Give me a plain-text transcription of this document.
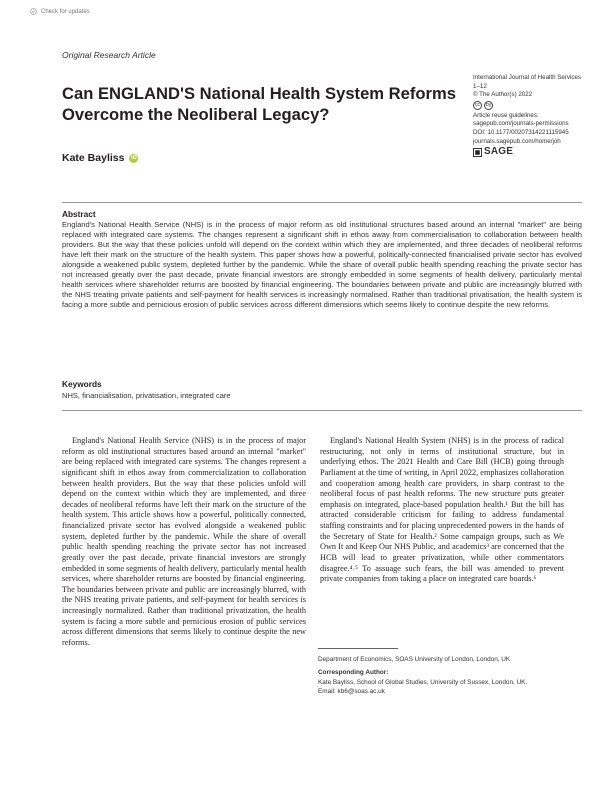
Check for updates
Original Research Article
International Journal of Health Services
1–12
© The Author(s) 2022
cc	by
Article reuse guidelines:
sagepub.com/journals-permissions
DOI: 10.1177/00207314221115945
journals.sagepub.com/home/joh
SAGE
Can ENGLAND'S National Health System Reforms Overcome the Neoliberal Legacy?
Kate Bayliss	iD
Abstract
England's National Health Service (NHS) is in the process of major reform as old institutional structures based around an internal "market" are being replaced with integrated care systems. The changes represent a significant shift in ethos away from commercialisation to collaboration between health providers. But the way that these policies unfold will depend on the context within which they are implemented, and three decades of neoliberal reforms have left their mark on the structure of the health system. This paper shows how a powerful, politically-connected financialised private sector has evolved alongside a weakened public system, depleted further by the pandemic. While the share of overall public health spending reaching the private sector has not increased greatly over the past decade, private financial investors are strongly embedded in some segments of health delivery, particularly mental health services where shareholder returns are boosted by financial engineering. The boundaries between private and public are increasingly blurred with the NHS treating private patients and self-payment for health services is increasingly normalised. Rather than traditional privatisation, the health system is facing a more subtle and pernicious erosion of public services across different dimensions which seems likely to continue despite the new reforms.
Keywords
NHS, financialisation, privatisation, integrated care
England's National Health Service (NHS) is in the process of major reform as old institutional structures based around an internal "market" are being replaced with integrated care systems. The changes represent a significant shift in ethos away from commercialization to collaboration between health providers. But the way that these policies unfold will depend on the context within which they are implemented, and three decades of neoliberal reforms have left their mark on the structure of the health system. This article shows how a powerful, politically connected, financialized private sector has evolved alongside a weakened public system, depleted further by the pandemic. While the share of overall public health spending reaching the private sector has not increased greatly over the past decade, private financial investors are strongly embedded in some segments of health delivery, particularly mental health services, where shareholder returns are boosted by financial engineering. The boundaries between private and public are increasingly blurred, with the NHS treating private patients, and self-payment for health services is increasingly normalized. Rather than traditional privatization, the health system is facing a more subtle and pernicious erosion of public services across different dimensions that seems likely to continue despite the new reforms.
England's National Health System (NHS) is in the process of radical restructuring, not only in terms of institutional structure, but in underlying ethos. The 2021 Health and Care Bill (HCB) going through Parliament at the time of writing, in April 2022, emphasizes collaboration and cooperation among health care providers, in sharp contrast to the neoliberal focus of past health reforms. The new structure puts greater emphasis on integrated, place-based population health.¹ But the bill has attracted considerable criticism for failing to address fundamental staffing constraints and for placing unprecedented powers in the hands of the Secretary of State for Health.² Some campaign groups, such as We Own It and Keep Our NHS Public, and academics³ are concerned that the HCB will lead to greater privatization, while other commentators disagree.⁴˒⁵ To assuage such fears, the bill was amended to prevent private companies from taking a place on integrated care boards.⁶
Department of Economics, SOAS University of London, London, UK
Corresponding Author:
Kate Bayliss, School of Global Studies, University of Sussex, London, UK.
Email: kb6@soas.ac.uk
